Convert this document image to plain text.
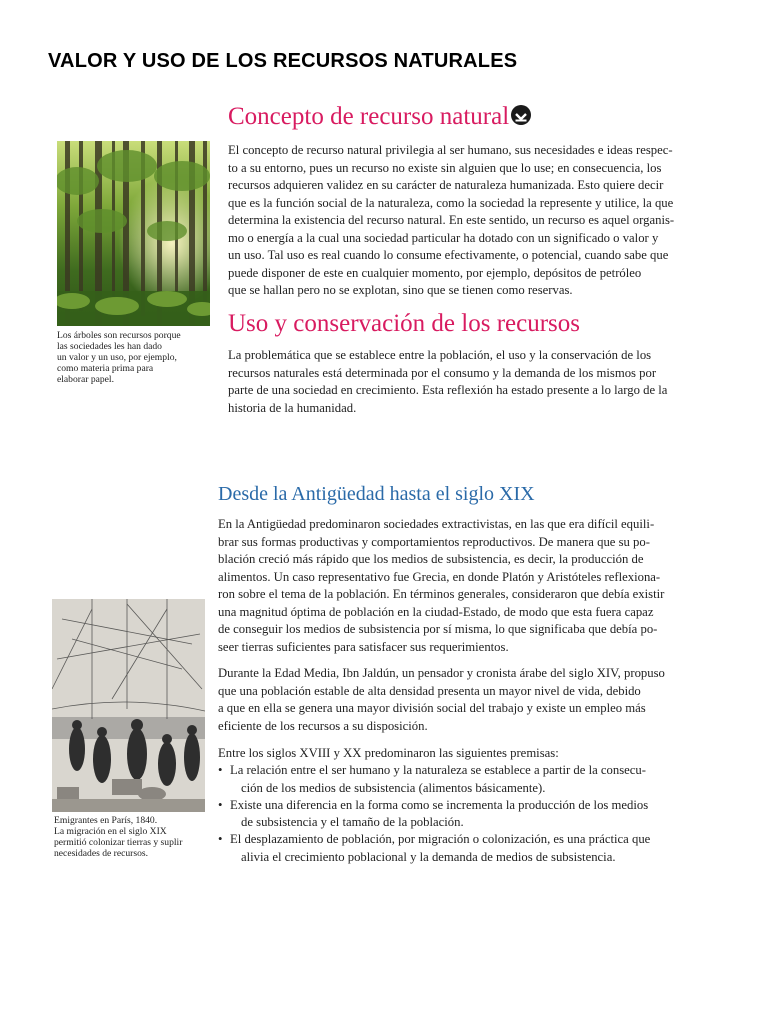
VALOR Y USO DE LOS RECURSOS NATURALES
Los árboles son recursos porque
las sociedades les han dado
un valor y un uso, por ejemplo,
como materia prima para
elaborar papel.
Concepto de recurso natural
El concepto de recurso natural privilegia al ser humano, sus necesidades e ideas respec-
to a su entorno, pues un recurso no existe sin alguien que lo use; en consecuencia, los
recursos adquieren validez en su carácter de naturaleza humanizada. Esto quiere decir
que es la función social de la naturaleza, como la sociedad la represente y utilice, la que
determina la existencia del recurso natural. En este sentido, un recurso es aquel organis-
mo o energía a la cual una sociedad particular ha dotado con un significado o valor y
un uso. Tal uso es real cuando lo consume efectivamente, o potencial, cuando sabe que
puede disponer de este en cualquier momento, por ejemplo, depósitos de petróleo
que se hallan pero no se explotan, sino que se tienen como reservas.
Uso y conservación de los recursos
La problemática que se establece entre la población, el uso y la conservación de los
recursos naturales está determinada por el consumo y la demanda de los mismos por
parte de una sociedad en crecimiento. Esta reflexión ha estado presente a lo largo de la
historia de la humanidad.
Desde la Antigüedad hasta el siglo XIX
En la Antigüedad predominaron sociedades extractivistas, en las que era difícil equili-
brar sus formas productivas y comportamientos reproductivos. De manera que su po-
blación creció más rápido que los medios de subsistencia, es decir, la producción de
alimentos. Un caso representativo fue Grecia, en donde Platón y Aristóteles reflexiona-
ron sobre el tema de la población. En términos generales, consideraron que debía existir
una magnitud óptima de población en la ciudad-Estado, de modo que esta fuera capaz
de conseguir los medios de subsistencia por sí misma, lo que significaba que debía po-
seer tierras suficientes para satisfacer sus requerimientos.
Durante la Edad Media, Ibn Jaldún, un pensador y cronista árabe del siglo XIV, propuso
que una población estable de alta densidad presenta un mayor nivel de vida, debido
a que en ella se genera una mayor división social del trabajo y existe un empleo más
eficiente de los recursos a su disposición.
Entre los siglos XVIII y XX predominaron las siguientes premisas:
• La relación entre el ser humano y la naturaleza se establece a partir de la consecu-
ción de los medios de subsistencia (alimentos básicamente).
• Existe una diferencia en la forma como se incrementa la producción de los medios
de subsistencia y el tamaño de la población.
• El desplazamiento de población, por migración o colonización, es una práctica que
alivia el crecimiento poblacional y la demanda de medios de subsistencia.
Emigrantes en París, 1840.
La migración en el siglo XIX
permitió colonizar tierras y suplir
necesidades de recursos.
